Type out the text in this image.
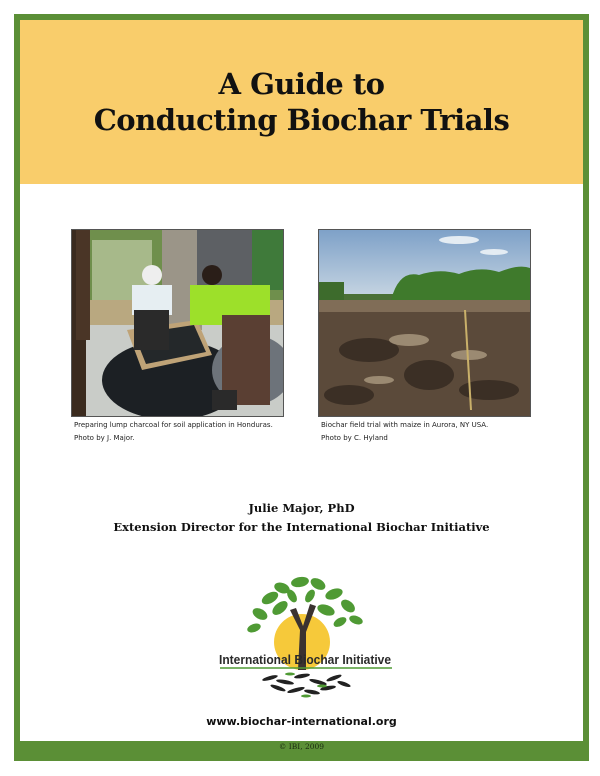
A Guide to
Conducting Biochar Trials
Preparing lump charcoal for soil application in Honduras.
Photo by J. Major.
Biochar field trial with maize in Aurora, NY USA.
Photo by C. Hyland
Julie Major, PhD
Extension Director for the International Biochar Initiative
International Biochar Initiative
www.biochar-international.org
© IBI, 2009
